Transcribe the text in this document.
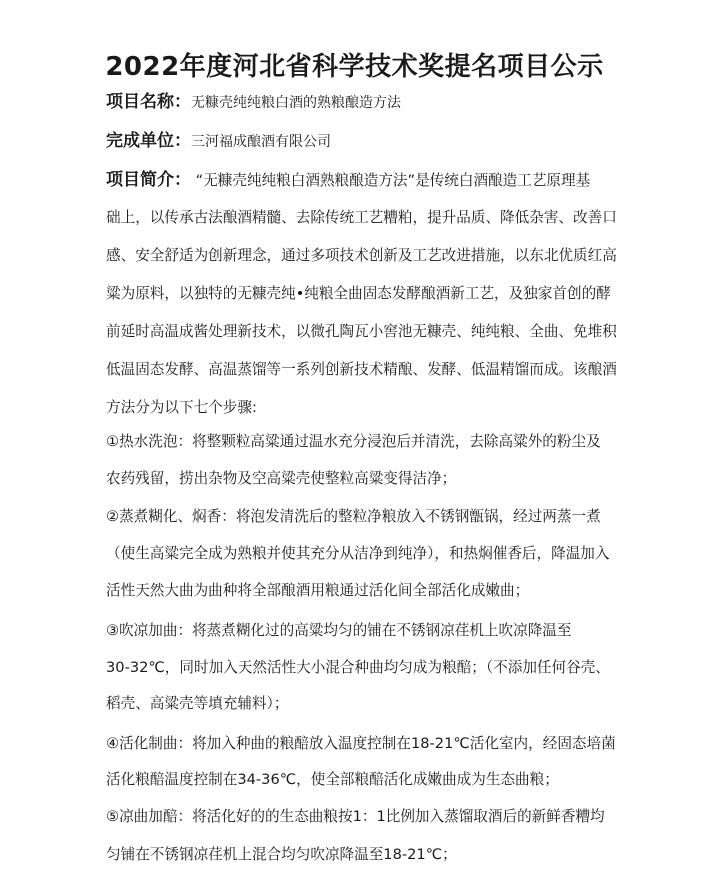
2022年度河北省科学技术奖提名项目公示
项目名称：无糠壳纯纯粮白酒的熟粮酿造方法
完成单位：三河福成酿酒有限公司
项目简介： “无糠壳纯纯粮白酒熟粮酿造方法”是传统白酒酿造工艺原理基
础上，以传承古法酿酒精髓、去除传统工艺糟粕，提升品质、降低杂害、改善口
感、安全舒适为创新理念，通过多项技术创新及工艺改进措施，以东北优质红高
粱为原料，以独特的无糠壳纯•纯粮全曲固态发酵酿酒新工艺，及独家首创的酵
前延时高温成酱处理新技术，以微孔陶瓦小窖池无糠壳、纯纯粮、全曲、免堆积
低温固态发酵、高温蒸馏等一系列创新技术精酿、发酵、低温精馏而成。该酿酒
方法分为以下七个步骤:
①热水洗泡：将整颗粒高粱通过温水充分浸泡后并清洗，去除高粱外的粉尘及
农药残留，捞出杂物及空高粱壳使整粒高粱变得洁净；
②蒸煮糊化、焖香：将泡发清洗后的整粒净粮放入不锈钢甑锅，经过两蒸一煮
（使生高粱完全成为熟粮并使其充分从洁净到纯净），和热焖催香后，降温加入
活性天然大曲为曲种将全部酿酒用粮通过活化间全部活化成嫩曲；
③吹凉加曲：将蒸煮糊化过的高粱均匀的铺在不锈钢凉荏机上吹凉降温至
30-32℃，同时加入天然活性大小混合种曲均匀成为粮醅；（不添加任何谷壳、
稻壳、高粱壳等填充辅料）；
④活化制曲：将加入种曲的粮醅放入温度控制在18-21℃活化室内，经固态培菌
活化粮醅温度控制在34-36℃，使全部粮醅活化成嫩曲成为生态曲粮；
⑤凉曲加醅：将活化好的的生态曲粮按1：1比例加入蒸馏取酒后的新鲜香糟均
匀铺在不锈钢凉荏机上混合均匀吹凉降温至18-21℃；
